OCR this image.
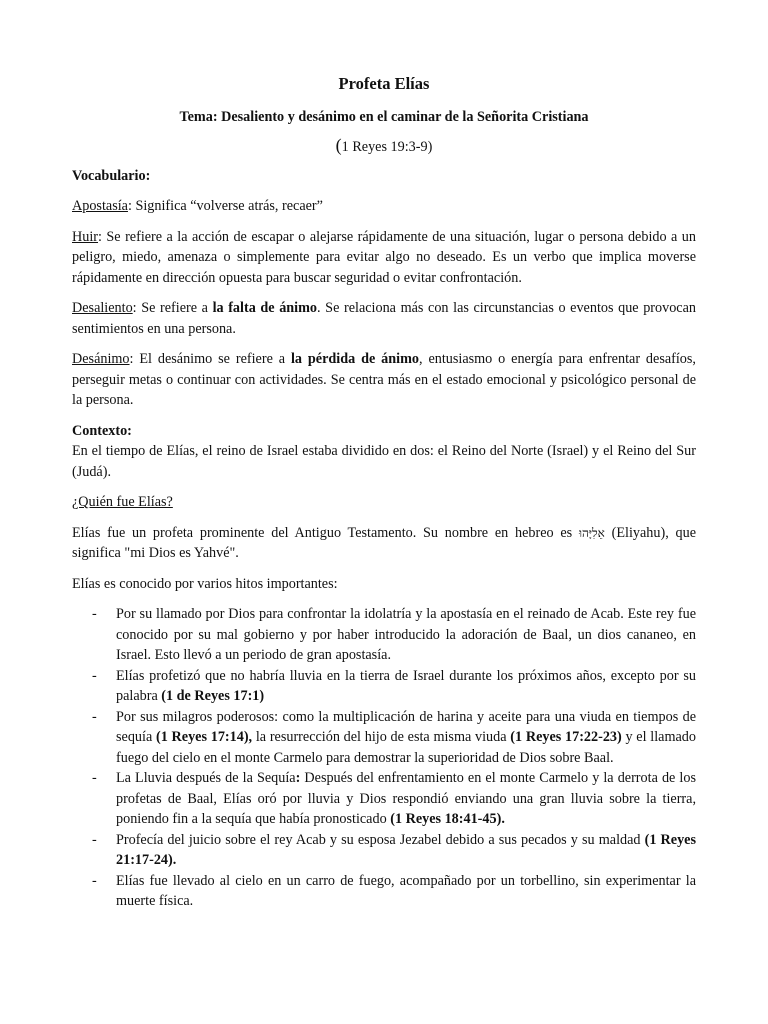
Profeta Elías
Tema: Desaliento y desánimo en el caminar de la Señorita Cristiana
(1 Reyes 19:3-9)
Vocabulario:

Apostasía: Significa “volverse atrás, recaer”

Huir: Se refiere a la acción de escapar o alejarse rápidamente de una situación, lugar o persona debido a un peligro, miedo, amenaza o simplemente para evitar algo no deseado. Es un verbo que implica moverse rápidamente en dirección opuesta para buscar seguridad o evitar confrontación.

Desaliento: Se refiere a la falta de ánimo. Se relaciona más con las circunstancias o eventos que provocan sentimientos en una persona.

Desánimo: El desánimo se refiere a la pérdida de ánimo, entusiasmo o energía para enfrentar desafíos, perseguir metas o continuar con actividades. Se centra más en el estado emocional y psicológico personal de la persona.

Contexto:
En el tiempo de Elías, el reino de Israel estaba dividido en dos: el Reino del Norte (Israel) y el Reino del Sur (Judá).

¿Quién fue Elías?

Elías fue un profeta prominente del Antiguo Testamento. Su nombre en hebreo es אֵלִיָּהוּ (Eliyahu), que significa "mi Dios es Yahvé".

Elías es conocido por varios hitos importantes:

- Por su llamado por Dios para confrontar la idolatría y la apostasía en el reinado de Acab. Este rey fue conocido por su mal gobierno y por haber introducido la adoración de Baal, un dios cananeo, en Israel. Esto llevó a un periodo de gran apostasía.
- Elías profetizó que no habría lluvia en la tierra de Israel durante los próximos años, excepto por su palabra (1 de Reyes 17:1)
- Por sus milagros poderosos: como la multiplicación de harina y aceite para una viuda en tiempos de sequía (1 Reyes 17:14), la resurrección del hijo de esta misma viuda (1 Reyes 17:22-23) y el llamado fuego del cielo en el monte Carmelo para demostrar la superioridad de Dios sobre Baal.
- La Lluvia después de la Sequía: Después del enfrentamiento en el monte Carmelo y la derrota de los profetas de Baal, Elías oró por lluvia y Dios respondió enviando una gran lluvia sobre la tierra, poniendo fin a la sequía que había pronosticado (1 Reyes 18:41-45).
- Profecía del juicio sobre el rey Acab y su esposa Jezabel debido a sus pecados y su maldad (1 Reyes 21:17-24).
- Elías fue llevado al cielo en un carro de fuego, acompañado por un torbellino, sin experimentar la muerte física.
